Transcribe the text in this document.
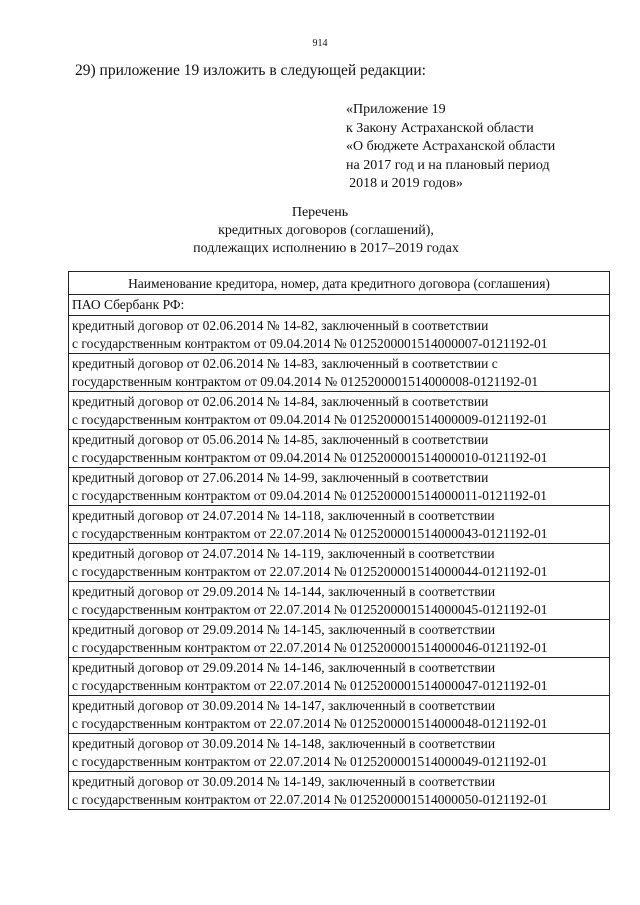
914
29) приложение 19 изложить в следующей редакции:
«Приложение 19
к Закону Астраханской области
«О бюджете Астраханской области
на 2017 год и на плановый период
2018 и 2019 годов»
Перечень
кредитных договоров (соглашений),
подлежащих исполнению в 2017–2019 годах
Наименование кредитора, номер, дата кредитного договора (соглашения)
ПАО Сбербанк РФ:

кредитный договор от 02.06.2014 № 14-82, заключенный в соответствии
с государственным контрактом от 09.04.2014 № 0125200001514000007-0121192-01

кредитный договор от 02.06.2014 № 14-83, заключенный в соответствии с
государственным контрактом от 09.04.2014 № 0125200001514000008-0121192-01

кредитный договор от 02.06.2014 № 14-84, заключенный в соответствии
с государственным контрактом от 09.04.2014 № 0125200001514000009-0121192-01

кредитный договор от 05.06.2014 № 14-85, заключенный в соответствии
с государственным контрактом от 09.04.2014 № 0125200001514000010-0121192-01

кредитный договор от 27.06.2014 № 14-99, заключенный в соответствии
с государственным контрактом от 09.04.2014 № 0125200001514000011-0121192-01

кредитный договор от 24.07.2014 № 14-118, заключенный в соответствии
с государственным контрактом от 22.07.2014 № 0125200001514000043-0121192-01

кредитный договор от 24.07.2014 № 14-119, заключенный в соответствии
с государственным контрактом от 22.07.2014 № 0125200001514000044-0121192-01

кредитный договор от 29.09.2014 № 14-144, заключенный в соответствии
с государственным контрактом от 22.07.2014 № 0125200001514000045-0121192-01

кредитный договор от 29.09.2014 № 14-145, заключенный в соответствии
с государственным контрактом от 22.07.2014 № 0125200001514000046-0121192-01

кредитный договор от 29.09.2014 № 14-146, заключенный в соответствии
с государственным контрактом от 22.07.2014 № 0125200001514000047-0121192-01

кредитный договор от 30.09.2014 № 14-147, заключенный в соответствии
с государственным контрактом от 22.07.2014 № 0125200001514000048-0121192-01

кредитный договор от 30.09.2014 № 14-148, заключенный в соответствии
с государственным контрактом от 22.07.2014 № 0125200001514000049-0121192-01

кредитный договор от 30.09.2014 № 14-149, заключенный в соответствии
с государственным контрактом от 22.07.2014 № 0125200001514000050-0121192-01
